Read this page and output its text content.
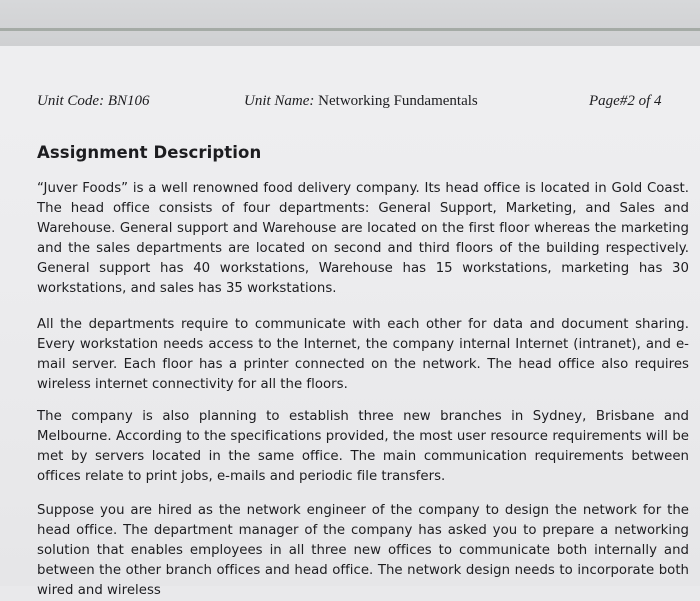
Unit Code: BN106	Unit Name: Networking Fundamentals	Page#2 of 4
Assignment Description

“Juver Foods” is a well renowned food delivery company. Its head office is located in Gold Coast. The head office consists of four departments: General Support, Marketing, and Sales and Warehouse. General support and Warehouse are located on the first floor whereas the marketing and the sales departments are located on second and third floors of the building respectively. General support has 40 workstations, Warehouse has 15 workstations, marketing has 30 workstations, and sales has 35 workstations.

All the departments require to communicate with each other for data and document sharing. Every workstation needs access to the Internet, the company internal Internet (intranet), and e-mail server. Each floor has a printer connected on the network. The head office also requires wireless internet connectivity for all the floors.

The company is also planning to establish three new branches in Sydney, Brisbane and Melbourne. According to the specifications provided, the most user resource requirements will be met by servers located in the same office. The main communication requirements between offices relate to print jobs, e-mails and periodic file transfers.

Suppose you are hired as the network engineer of the company to design the network for the head office. The department manager of the company has asked you to prepare a networking solution that enables employees in all three new offices to communicate both internally and between the other branch offices and head office. The network design needs to incorporate both wired and wireless
